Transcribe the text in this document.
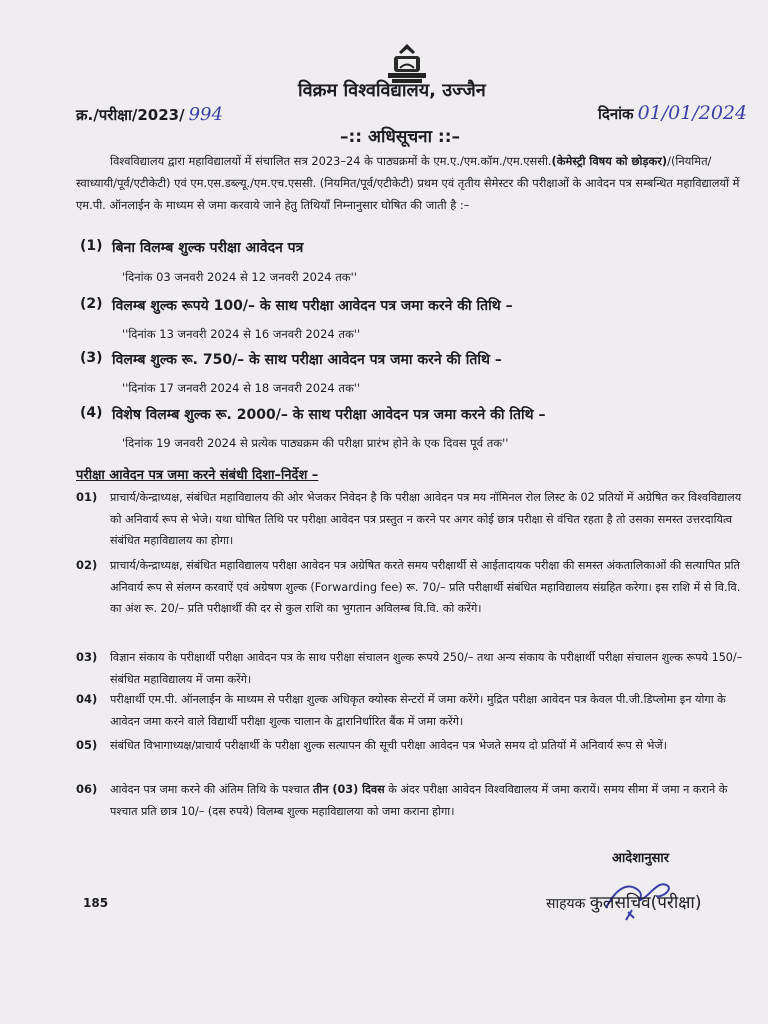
विक्रम विश्वविद्यालय, उज्जैन
क्र./परीक्षा/2023/ 994	दिनांक 01/01/2024
–:: अधिसूचना ::–
विश्वविद्यालय द्वारा महाविद्यालयों में संचालित सत्र 2023–24 के पाठ्यक्रमों के एम.ए./एम.कॉम./एम.एससी.(केमेस्ट्री विषय को छोड़कर)/(नियमित/ स्वाध्यायी/पूर्व/एटीकेटी) एवं एम.एस.डब्ल्यू./एम.एच.एससी. (नियमित/पूर्व/एटीकेटी) प्रथम एवं तृतीय सेमेस्टर की परीक्षाओं के आवेदन पत्र सम्बन्धित महाविद्यालयों में एम.पी. ऑनलाईन के माध्यम से जमा करवाये जाने हेतु तिथियाँ निम्नानुसार घोषित की जाती है :–
(1) बिना विलम्ब शुल्क परीक्षा आवेदन पत्र
'दिनांक 03 जनवरी 2024 से 12 जनवरी 2024 तक''
(2) विलम्ब शुल्क रूपये 100/– के साथ परीक्षा आवेदन पत्र जमा करने की तिथि –
''दिनांक 13 जनवरी 2024 से 16 जनवरी 2024 तक''
(3) विलम्ब शुल्क रू. 750/– के साथ परीक्षा आवेदन पत्र जमा करने की तिथि –
''दिनांक 17 जनवरी 2024 से 18 जनवरी 2024 तक''
(4) विशेष विलम्ब शुल्क रू. 2000/– के साथ परीक्षा आवेदन पत्र जमा करने की तिथि –
'दिनांक 19 जनवरी 2024 से प्रत्येक पाठ्यक्रम की परीक्षा प्रारंभ होने के एक दिवस पूर्व तक''
परीक्षा आवेदन पत्र जमा करने संबंधी दिशा–निर्देश –
01) प्राचार्य/केन्द्राध्यक्ष, संबंधित महाविद्यालय की ओर भेजकर निवेदन है कि परीक्षा आवेदन पत्र मय नॉमिनल रोल लिस्ट के 02 प्रतियों में अग्रेषित कर विश्वविद्यालय को अनिवार्य रूप से भेजे। यथा घोषित तिथि पर परीक्षा आवेदन पत्र प्रस्तुत न करने पर अगर कोई छात्र परीक्षा से वंचित रहता है तो उसका समस्त उत्तरदायित्व संबंधित महाविद्यालय का होगा।
02) प्राचार्य/केन्द्राध्यक्ष, संबंधित महाविद्यालय परीक्षा आवेदन पत्र अग्रेषित करते समय परीक्षार्थी से आईतादायक परीक्षा की समस्त अंकतालिकाओं की सत्यापित प्रति अनिवार्य रूप से संलग्न करवाऐं एवं अग्रेषण शुल्क (Forwarding fee) रू. 70/– प्रति परीक्षार्थी संबंधित महाविद्यालय संग्रहित करेगा। इस राशि में से वि.वि. का अंश रू. 20/– प्रति परीक्षार्थी की दर से कुल राशि का भुगतान अविलम्ब वि.वि. को करेंगे।
03) विज्ञान संकाय के परीक्षार्थी परीक्षा आवेदन पत्र के साथ परीक्षा संचालन शुल्क रूपये 250/– तथा अन्य संकाय के परीक्षार्थी परीक्षा संचालन शुल्क रूपये 150/– संबंधित महाविद्यालय में जमा करेंगे।
04) परीक्षार्थी एम.पी. ऑनलाईन के माध्यम से परीक्षा शुल्क अधिकृत क्योस्क सेन्टरों में जमा करेंगे। मुद्रित परीक्षा आवेदन पत्र केवल पी.जी.डिप्लोमा इन योगा के आवेदन जमा करने वाले विद्यार्थी परीक्षा शुल्क चालान के द्वारानिर्धारित बैंक में जमा करेंगे।
05) संबंधित विभागाध्यक्ष/प्राचार्य परीक्षार्थी के परीक्षा शुल्क सत्यापन की सूची परीक्षा आवेदन पत्र भेजते समय दो प्रतियों में अनिवार्य रूप से भेजें।
06) आवेदन पत्र जमा करने की अंतिम तिथि के पश्चात तीन (03) दिवस के अंदर परीक्षा आवेदन विश्वविद्यालय में जमा करायें। समय सीमा में जमा न कराने के पश्चात प्रति छात्र 10/– (दस रुपये) विलम्ब शुल्क महाविद्यालया को जमा कराना होगा।
आदेशानुसार
185	साहयक कुलसचिव(परीक्षा)
